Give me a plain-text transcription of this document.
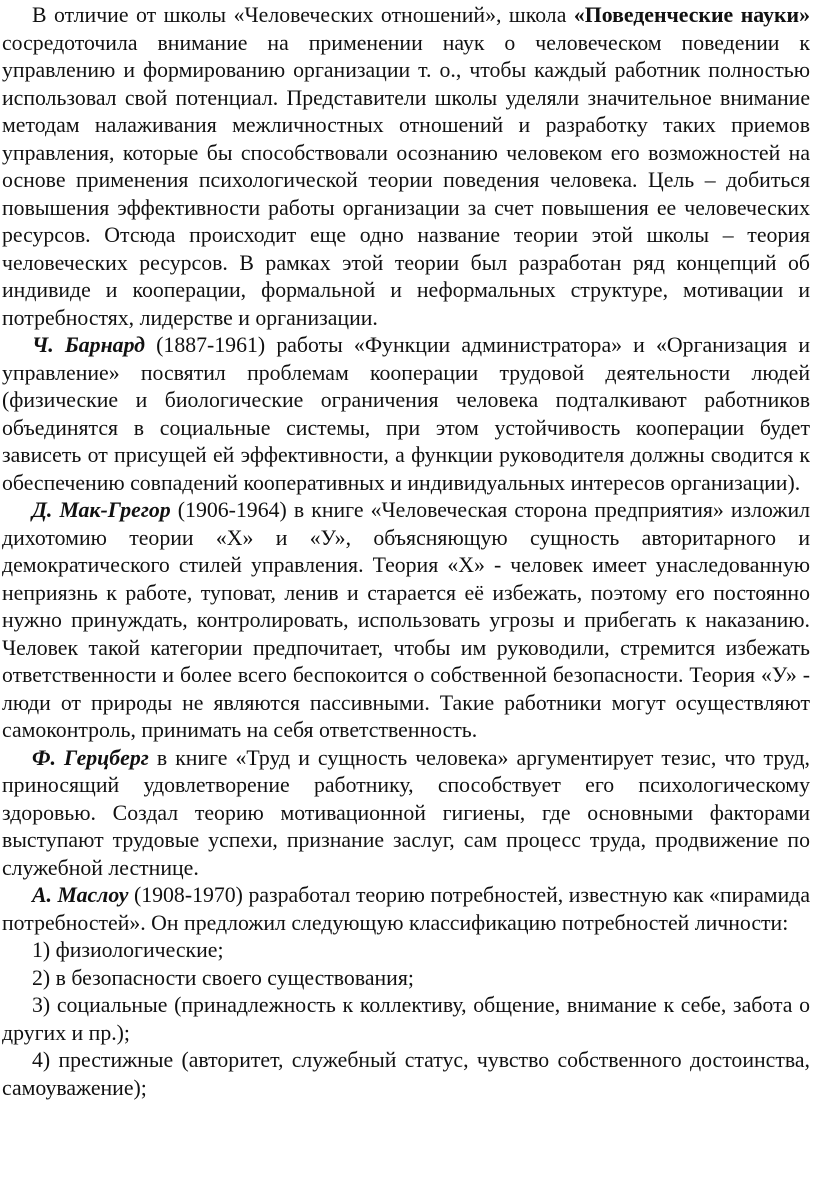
В отличие от школы «Человеческих отношений», школа «Поведенческие науки» сосредоточила внимание на применении наук о человеческом поведении к управлению и формированию организации т. о., чтобы каждый работник полностью использовал свой потенциал. Представители школы уделяли значительное внимание методам налаживания межличностных отношений и разработку таких приемов управления, которые бы способствовали осознанию человеком его возможностей на основе применения психологической теории поведения человека. Цель – добиться повышения эффективности работы организации за счет повышения ее человеческих ресурсов. Отсюда происходит еще одно название теории этой школы – теория человеческих ресурсов. В рамках этой теории был разработан ряд концепций об индивиде и кооперации, формальной и неформальных структуре, мотивации и потребностях, лидерстве и организации.

Ч. Барнард (1887-1961) работы «Функции администратора» и «Организация и управление» посвятил проблемам кооперации трудовой деятельности людей (физические и биологические ограничения человека подталкивают работников объединятся в социальные системы, при этом устойчивость кооперации будет зависеть от присущей ей эффективности, а функции руководителя должны сводится к обеспечению совпадений кооперативных и индивидуальных интересов организации).

Д. Мак-Грегор (1906-1964) в книге «Человеческая сторона предприятия» изложил дихотомию теории «Х» и «У», объясняющую сущность авторитарного и демократического стилей управления. Теория «Х» - человек имеет унаследованную неприязнь к работе, туповат, ленив и старается её избежать, поэтому его постоянно нужно принуждать, контролировать, использовать угрозы и прибегать к наказанию. Человек такой категории предпочитает, чтобы им руководили, стремится избежать ответственности и более всего беспокоится о собственной безопасности. Теория «У» - люди от природы не являются пассивными. Такие работники могут осуществляют самоконтроль, принимать на себя ответственность.

Ф. Герцберг в книге «Труд и сущность человека» аргументирует тезис, что труд, приносящий удовлетворение работнику, способствует его психологическому здоровью. Создал теорию мотивационной гигиены, где основными факторами выступают трудовые успехи, признание заслуг, сам процесс труда, продвижение по служебной лестнице.

А. Маслоу (1908-1970) разработал теорию потребностей, известную как «пирамида потребностей». Он предложил следующую классификацию потребностей личности:

1) физиологические;

2) в безопасности своего существования;

3) социальные (принадлежность к коллективу, общение, внимание к себе, забота о других и пр.);

4) престижные (авторитет, служебный статус, чувство собственного достоинства, самоуважение);
